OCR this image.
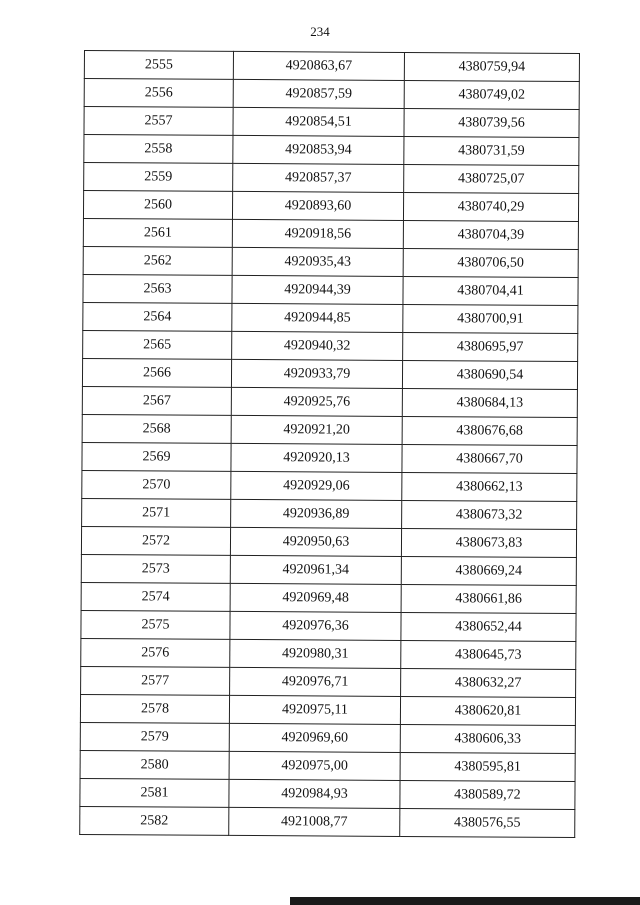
234
2555	4920863,67	4380759,94
2556	4920857,59	4380749,02
2557	4920854,51	4380739,56
2558	4920853,94	4380731,59
2559	4920857,37	4380725,07
2560	4920893,60	4380740,29
2561	4920918,56	4380704,39
2562	4920935,43	4380706,50
2563	4920944,39	4380704,41
2564	4920944,85	4380700,91
2565	4920940,32	4380695,97
2566	4920933,79	4380690,54
2567	4920925,76	4380684,13
2568	4920921,20	4380676,68
2569	4920920,13	4380667,70
2570	4920929,06	4380662,13
2571	4920936,89	4380673,32
2572	4920950,63	4380673,83
2573	4920961,34	4380669,24
2574	4920969,48	4380661,86
2575	4920976,36	4380652,44
2576	4920980,31	4380645,73
2577	4920976,71	4380632,27
2578	4920975,11	4380620,81
2579	4920969,60	4380606,33
2580	4920975,00	4380595,81
2581	4920984,93	4380589,72
2582	4921008,77	4380576,55
